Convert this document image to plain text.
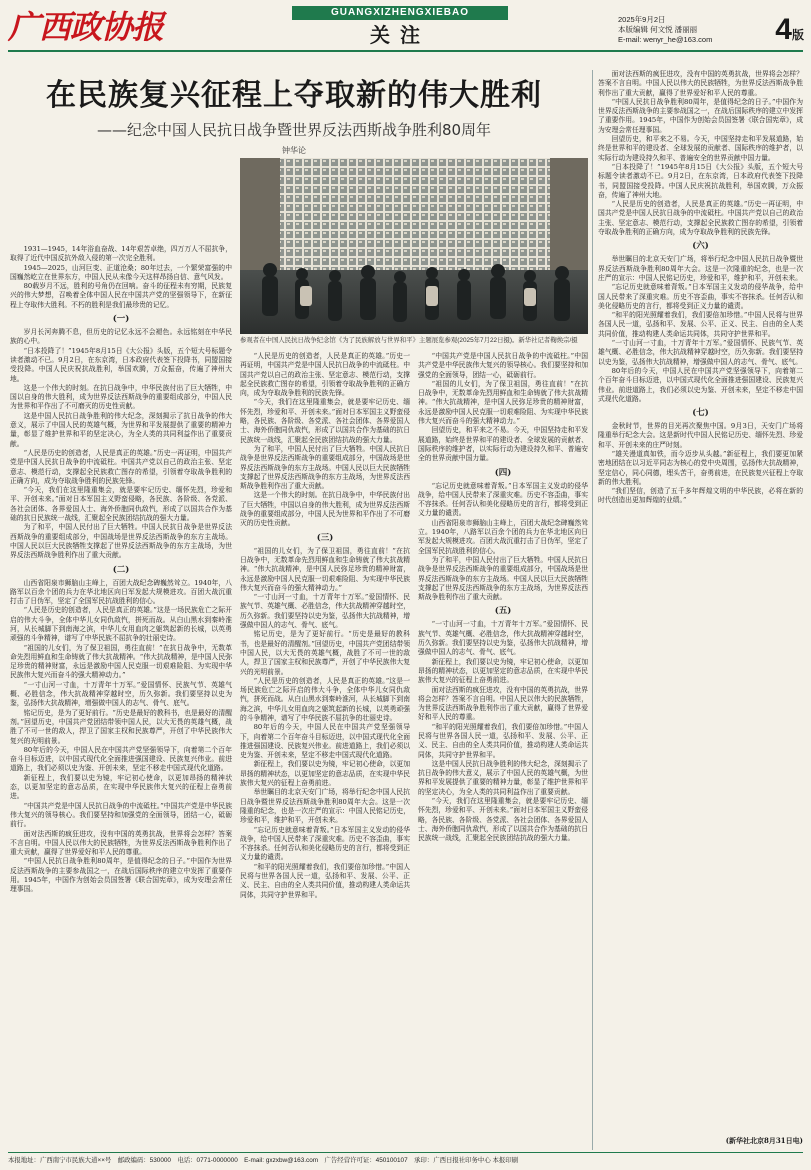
广西政协报	GUANGXIZHENGXIEBAO
关注
2025年9月2日
本版编辑 何文悦 潘丽丽
E-mail: wenyr_he@163.com	4版
在民族复兴征程上夺取新的伟大胜利
——纪念中国人民抗日战争暨世界反法西斯战争胜利80周年
钟华论

1931—1945，14年浴血奋战、14年艰苦卓绝，四万万人不屈抗争，取得了近代中国反抗外敌入侵的第一次完全胜利。

1945—2025，山河巨变、正道沧桑；80年过去，一个繁荣富强的中国巍然屹立在世界东方，中国人民从未像今天这样昂扬自信、意气风发。

80载岁月不远，胜利的号角仍在回响。奋斗的征程未有穷期，民族复兴的伟大梦想，召唤着全体中国人民在中国共产党的坚强领导下，在新征程上夺取伟大胜利。不朽的胜利是我们最珍贵的记忆。

(一)

岁月长河奔腾不息，但历史的记忆永远不会褪色。永远铭刻在中华民族的心中。

“日本投降了！”1945年8月15日《大公报》头版，五个短大号标题令读者激动不已。9月2日，在东京湾，日本政府代表签下投降书，同盟国接受投降。中国人民庆祝抗战胜利，举国欢腾，万众振奋，传遍了神州大地。

这是一个伟大的时刻。在抗日战争中，中华民族付出了巨大牺牲，中国以自身的伟大胜利，成为世界反法西斯战争的重要组成部分，中国人民为世界和平作出了不可磨灭的历史性贡献。

这是中国人民抗日战争胜利的伟大纪念，深刻揭示了抗日战争的伟大意义，展示了中国人民的英雄气概，为世界和平发展提供了重要的精神力量，彰显了维护世界和平的坚定决心，为全人类的共同利益作出了重要贡献。

“人民是历史的创造者，人民是真正的英雄。”历史一再证明，中国共产党是中国人民抗日战争的中流砥柱。中国共产党以自己的政治主张、坚定意志、模范行动，支撑起全民族救亡图存的希望，引领着夺取战争胜利的正确方向，成为夺取战争胜利的民族先锋。

“今天，我们在这里隆重集会，就是要牢记历史、缅怀先烈，珍爱和平、开创未来。”面对日本军国主义野蛮侵略，各民族、各阶级、各党派、各社会团体、各界爱国人士、海外侨胞同仇敌忾，形成了以国共合作为基础的抗日民族统一战线，汇聚起全民族团结抗战的强大力量。

为了和平，中国人民付出了巨大牺牲。中国人民抗日战争是世界反法西斯战争的重要组成部分，中国战场是世界反法西斯战争的东方主战场。中国人民以巨大民族牺牲支撑起了世界反法西斯战争的东方主战场，为世界反法西斯战争胜利作出了重大贡献。

(二)

山西省阳泉市狮脑山主峰上，百团大战纪念碑巍然耸立。1940年，八路军以百余个团的兵力在华北地区向日军发起大规模进攻。百团大战沉重打击了日伪军，坚定了全国军民抗战胜利的信心。

“人民是历史的创造者，人民是真正的英雄。”这是一场民族危亡之际开启的伟大斗争，全体中华儿女同仇敌忾，拼死而战。从白山黑水到秦岭淮河，从长城脚下到南海之滨，中华儿女用血肉之躯筑起新的长城，以英勇顽强的斗争精神，谱写了中华民族不屈抗争的壮丽史诗。

“祖国的儿女们，为了保卫祖国，勇往直前！”在抗日战争中，无数革命先烈用鲜血和生命铸就了伟大抗战精神。“伟大抗战精神，是中国人民弥足珍贵的精神财富，永远是激励中国人民克服一切艰难险阻、为实现中华民族伟大复兴而奋斗的强大精神动力。”

“一寸山河一寸血，十万青年十万军。”爱国情怀、民族气节、英雄气概、必胜信念，伟大抗战精神穿越时空，历久弥新。我们要坚持以史为鉴，弘扬伟大抗战精神，增强做中国人的志气、骨气、底气。

铭记历史，是为了更好前行。“历史是最好的教科书，也是最好的清醒剂。”回望历史，中国共产党团结带领中国人民，以大无畏的英雄气概，战胜了不可一世的敌人，捍卫了国家主权和民族尊严，开创了中华民族伟大复兴的光明前景。

80年后的今天，中国人民在中国共产党坚强领导下，向着第二个百年奋斗目标迈进，以中国式现代化全面推进强国建设、民族复兴伟业。前进道路上，我们必须以史为鉴、开创未来，坚定不移走中国式现代化道路。

新征程上，我们要以史为镜，牢记初心使命，以更加昂扬的精神状态，以更加坚定的意志品质，在实现中华民族伟大复兴的征程上奋勇前进。

“中国共产党是中国人民抗日战争的中流砥柱。”中国共产党是中华民族伟大复兴的领导核心。我们要坚持和加强党的全面领导，团结一心，砥砺前行。

面对法西斯的疯狂进攻，没有中国的英勇抗战，世界将会怎样？答案不言自明。中国人民以伟大的民族牺牲，为世界反法西斯战争胜利作出了重大贡献，赢得了世界爱好和平人民的尊重。

“中国人民抗日战争胜利80周年，是值得纪念的日子。”中国作为世界反法西斯战争的主要参战国之一，在战后国际秩序的建立中发挥了重要作用。1945年，中国作为创始会员国签署《联合国宪章》，成为安理会常任理事国。

参观者在中国人民抗日战争纪念馆《为了民族解放与世界和平》主题展览参观(2025年7月22日摄)。新华社记者鞠焕宗/摄

“人民是历史的创造者，人民是真正的英雄。”历史一再证明，中国共产党是中国人民抗日战争的中流砥柱。中国共产党以自己的政治主张、坚定意志、模范行动，支撑起全民族救亡图存的希望，引领着夺取战争胜利的正确方向，成为夺取战争胜利的民族先锋。

“今天，我们在这里隆重集会，就是要牢记历史、缅怀先烈，珍爱和平、开创未来。”面对日本军国主义野蛮侵略，各民族、各阶级、各党派、各社会团体、各界爱国人士、海外侨胞同仇敌忾，形成了以国共合作为基础的抗日民族统一战线，汇聚起全民族团结抗战的强大力量。

为了和平，中国人民付出了巨大牺牲。中国人民抗日战争是世界反法西斯战争的重要组成部分，中国战场是世界反法西斯战争的东方主战场。中国人民以巨大民族牺牲支撑起了世界反法西斯战争的东方主战场，为世界反法西斯战争胜利作出了重大贡献。

这是一个伟大的时刻。在抗日战争中，中华民族付出了巨大牺牲，中国以自身的伟大胜利，成为世界反法西斯战争的重要组成部分，中国人民为世界和平作出了不可磨灭的历史性贡献。

(三)

“祖国的儿女们，为了保卫祖国，勇往直前！”在抗日战争中，无数革命先烈用鲜血和生命铸就了伟大抗战精神。“伟大抗战精神，是中国人民弥足珍贵的精神财富，永远是激励中国人民克服一切艰难险阻、为实现中华民族伟大复兴而奋斗的强大精神动力。”

“一寸山河一寸血，十万青年十万军。”爱国情怀、民族气节、英雄气概、必胜信念，伟大抗战精神穿越时空，历久弥新。我们要坚持以史为鉴，弘扬伟大抗战精神，增强做中国人的志气、骨气、底气。

铭记历史，是为了更好前行。“历史是最好的教科书，也是最好的清醒剂。”回望历史，中国共产党团结带领中国人民，以大无畏的英雄气概，战胜了不可一世的敌人，捍卫了国家主权和民族尊严，开创了中华民族伟大复兴的光明前景。

“人民是历史的创造者，人民是真正的英雄。”这是一场民族危亡之际开启的伟大斗争，全体中华儿女同仇敌忾，拼死而战。从白山黑水到秦岭淮河，从长城脚下到南海之滨，中华儿女用血肉之躯筑起新的长城，以英勇顽强的斗争精神，谱写了中华民族不屈抗争的壮丽史诗。

80年后的今天，中国人民在中国共产党坚强领导下，向着第二个百年奋斗目标迈进，以中国式现代化全面推进强国建设、民族复兴伟业。前进道路上，我们必须以史为鉴、开创未来，坚定不移走中国式现代化道路。

新征程上，我们要以史为镜，牢记初心使命，以更加昂扬的精神状态，以更加坚定的意志品质，在实现中华民族伟大复兴的征程上奋勇前进。

举世瞩目的北京天安门广场，将举行纪念中国人民抗日战争暨世界反法西斯战争胜利80周年大会。这是一次隆重的纪念，也是一次庄严的宣示：中国人民铭记历史，珍爱和平，维护和平，开创未来。

“忘记历史就意味着背叛。”日本军国主义发动的侵华战争，给中国人民带来了深重灾难。历史不容歪曲，事实不容抹杀。任何否认和美化侵略历史的言行，都将受到正义力量的谴责。

“和平的阳光照耀着我们，我们要倍加珍惜。”中国人民将与世界各国人民一道，弘扬和平、发展、公平、正义、民主、自由的全人类共同价值，推动构建人类命运共同体，共同守护世界和平。

“中国共产党是中国人民抗日战争的中流砥柱。”中国共产党是中华民族伟大复兴的领导核心。我们要坚持和加强党的全面领导，团结一心，砥砺前行。

“祖国的儿女们，为了保卫祖国，勇往直前！”在抗日战争中，无数革命先烈用鲜血和生命铸就了伟大抗战精神。“伟大抗战精神，是中国人民弥足珍贵的精神财富，永远是激励中国人民克服一切艰难险阻、为实现中华民族伟大复兴而奋斗的强大精神动力。”

回望历史，和平来之不易。今天，中国坚持走和平发展道路，始终是世界和平的建设者、全球发展的贡献者、国际秩序的维护者，以实际行动为建设持久和平、普遍安全的世界贡献中国力量。

(四)

“忘记历史就意味着背叛。”日本军国主义发动的侵华战争，给中国人民带来了深重灾难。历史不容歪曲，事实不容抹杀。任何否认和美化侵略历史的言行，都将受到正义力量的谴责。

山西省阳泉市狮脑山主峰上，百团大战纪念碑巍然耸立。1940年，八路军以百余个团的兵力在华北地区向日军发起大规模进攻。百团大战沉重打击了日伪军，坚定了全国军民抗战胜利的信心。

为了和平，中国人民付出了巨大牺牲。中国人民抗日战争是世界反法西斯战争的重要组成部分，中国战场是世界反法西斯战争的东方主战场。中国人民以巨大民族牺牲支撑起了世界反法西斯战争的东方主战场，为世界反法西斯战争胜利作出了重大贡献。

(五)

“一寸山河一寸血，十万青年十万军。”爱国情怀、民族气节、英雄气概、必胜信念，伟大抗战精神穿越时空，历久弥新。我们要坚持以史为鉴，弘扬伟大抗战精神，增强做中国人的志气、骨气、底气。

新征程上，我们要以史为镜，牢记初心使命，以更加昂扬的精神状态，以更加坚定的意志品质，在实现中华民族伟大复兴的征程上奋勇前进。

面对法西斯的疯狂进攻，没有中国的英勇抗战，世界将会怎样？答案不言自明。中国人民以伟大的民族牺牲，为世界反法西斯战争胜利作出了重大贡献，赢得了世界爱好和平人民的尊重。

“和平的阳光照耀着我们，我们要倍加珍惜。”中国人民将与世界各国人民一道，弘扬和平、发展、公平、正义、民主、自由的全人类共同价值，推动构建人类命运共同体，共同守护世界和平。

这是中国人民抗日战争胜利的伟大纪念，深刻揭示了抗日战争的伟大意义，展示了中国人民的英雄气概，为世界和平发展提供了重要的精神力量，彰显了维护世界和平的坚定决心，为全人类的共同利益作出了重要贡献。

“今天，我们在这里隆重集会，就是要牢记历史、缅怀先烈，珍爱和平、开创未来。”面对日本军国主义野蛮侵略，各民族、各阶级、各党派、各社会团体、各界爱国人士、海外侨胞同仇敌忾，形成了以国共合作为基础的抗日民族统一战线，汇聚起全民族团结抗战的强大力量。

面对法西斯的疯狂进攻，没有中国的英勇抗战，世界将会怎样？答案不言自明。中国人民以伟大的民族牺牲，为世界反法西斯战争胜利作出了重大贡献，赢得了世界爱好和平人民的尊重。

“中国人民抗日战争胜利80周年，是值得纪念的日子。”中国作为世界反法西斯战争的主要参战国之一，在战后国际秩序的建立中发挥了重要作用。1945年，中国作为创始会员国签署《联合国宪章》，成为安理会常任理事国。

回望历史，和平来之不易。今天，中国坚持走和平发展道路，始终是世界和平的建设者、全球发展的贡献者、国际秩序的维护者，以实际行动为建设持久和平、普遍安全的世界贡献中国力量。

“日本投降了！”1945年8月15日《大公报》头版，五个短大号标题令读者激动不已。9月2日，在东京湾，日本政府代表签下投降书，同盟国接受投降。中国人民庆祝抗战胜利，举国欢腾，万众振奋，传遍了神州大地。

“人民是历史的创造者，人民是真正的英雄。”历史一再证明，中国共产党是中国人民抗日战争的中流砥柱。中国共产党以自己的政治主张、坚定意志、模范行动，支撑起全民族救亡图存的希望，引领着夺取战争胜利的正确方向，成为夺取战争胜利的民族先锋。

(六)

举世瞩目的北京天安门广场，将举行纪念中国人民抗日战争暨世界反法西斯战争胜利80周年大会。这是一次隆重的纪念，也是一次庄严的宣示：中国人民铭记历史，珍爱和平，维护和平，开创未来。

“忘记历史就意味着背叛。”日本军国主义发动的侵华战争，给中国人民带来了深重灾难。历史不容歪曲，事实不容抹杀。任何否认和美化侵略历史的言行，都将受到正义力量的谴责。

“和平的阳光照耀着我们，我们要倍加珍惜。”中国人民将与世界各国人民一道，弘扬和平、发展、公平、正义、民主、自由的全人类共同价值，推动构建人类命运共同体，共同守护世界和平。

“一寸山河一寸血，十万青年十万军。”爱国情怀、民族气节、英雄气概、必胜信念，伟大抗战精神穿越时空，历久弥新。我们要坚持以史为鉴，弘扬伟大抗战精神，增强做中国人的志气、骨气、底气。

80年后的今天，中国人民在中国共产党坚强领导下，向着第二个百年奋斗目标迈进，以中国式现代化全面推进强国建设、民族复兴伟业。前进道路上，我们必须以史为鉴、开创未来，坚定不移走中国式现代化道路。

(七)

金秋时节，世界的目光再次聚焦中国。9月3日，天安门广场将隆重举行纪念大会。这是新时代中国人民铭记历史、缅怀先烈、珍爱和平、开创未来的庄严时刻。

“雄关漫道真如铁，而今迈步从头越。”新征程上，我们要更加紧密地团结在以习近平同志为核心的党中央周围，弘扬伟大抗战精神，坚定信心，同心同德，埋头苦干，奋勇前进，在民族复兴征程上夺取新的伟大胜利。

“我们坚信，创造了五千多年辉煌文明的中华民族，必将在新的时代创造出更加辉煌的业绩。”

(新华社北京8月31日电)
本报地址：广西南宁市民族大道××号　邮政编码：530000　电话：0771-0000000　E-mail: gxzxbw@163.com　广告经营许可证：450100107　承印：广西日报社印务中心 本报印刷
